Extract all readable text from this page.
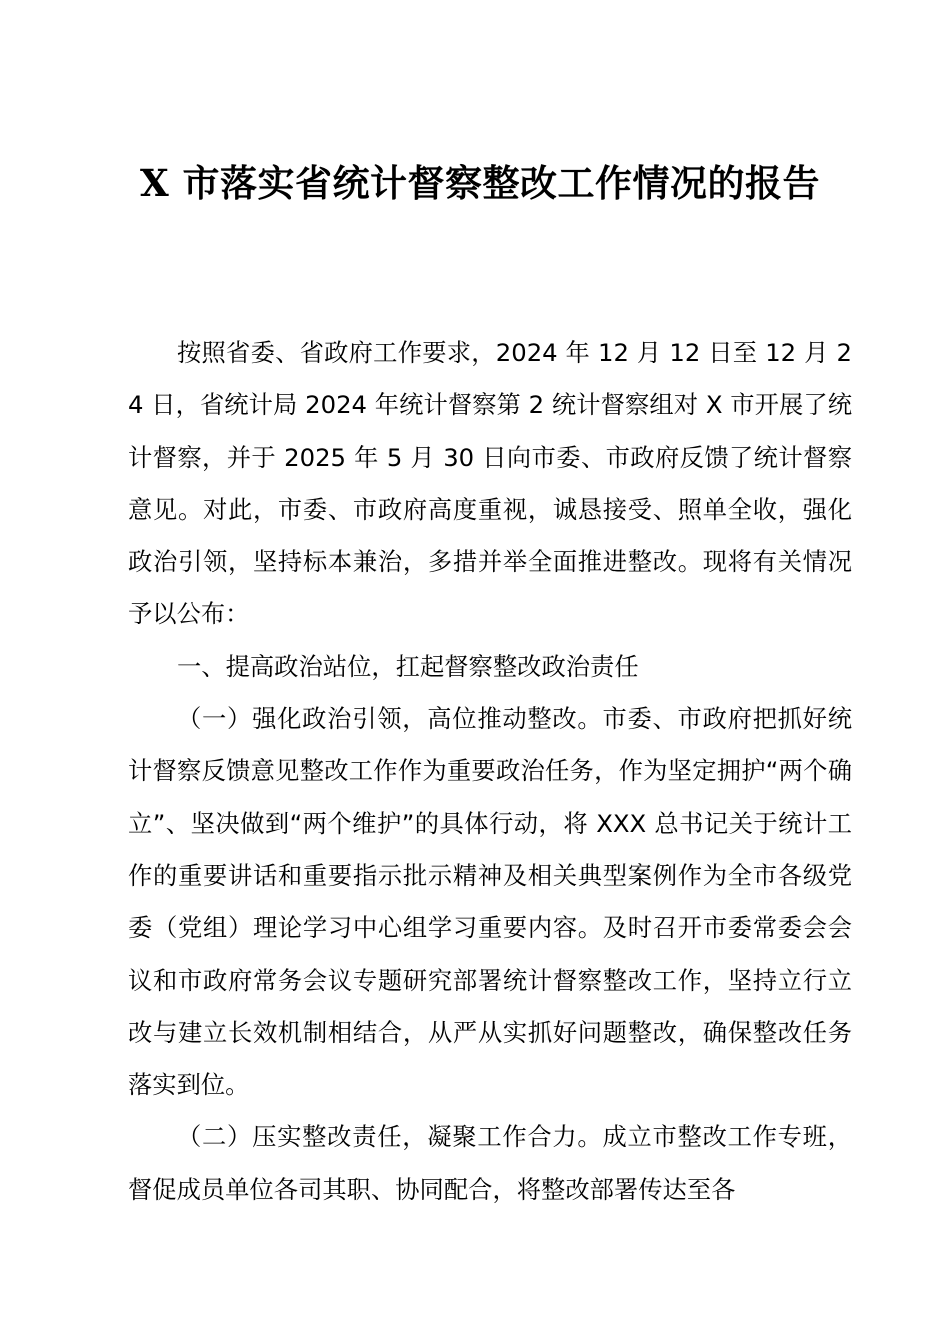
X 市落实省统计督察整改工作情况的报告

按照省委、省政府工作要求，2024 年 12 月 12 日至 12 月 24 日，省统计局 2024 年统计督察第 2 统计督察组对 X 市开展了统计督察，并于 2025 年 5 月 30 日向市委、市政府反馈了统计督察意见。对此，市委、市政府高度重视，诚恳接受、照单全收，强化政治引领，坚持标本兼治，多措并举全面推进整改。现将有关情况予以公布：

一、提高政治站位，扛起督察整改政治责任

（一）强化政治引领，高位推动整改。市委、市政府把抓好统计督察反馈意见整改工作作为重要政治任务，作为坚定拥护“两个确立”、坚决做到“两个维护”的具体行动，将 XXX 总书记关于统计工作的重要讲话和重要指示批示精神及相关典型案例作为全市各级党委（党组）理论学习中心组学习重要内容。及时召开市委常委会会议和市政府常务会议专题研究部署统计督察整改工作，坚持立行立改与建立长效机制相结合，从严从实抓好问题整改，确保整改任务落实到位。

（二）压实整改责任，凝聚工作合力。成立市整改工作专班，督促成员单位各司其职、协同配合，将整改部署传达至各
